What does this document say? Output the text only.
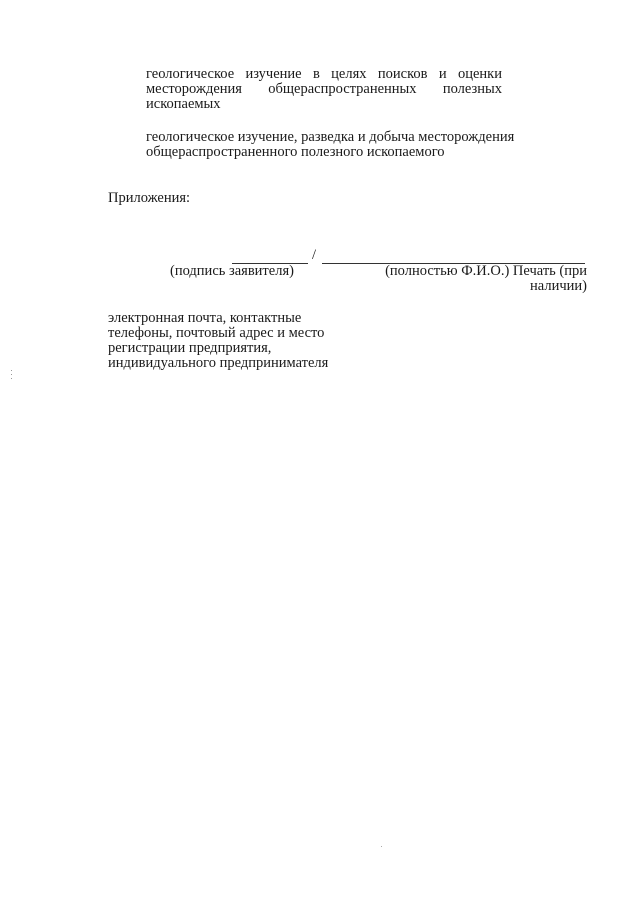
геологическое изучение в целях поисков и оценки
месторождения общераспространенных полезных
ископаемых
геологическое изучение, разведка и добыча месторождения
общераспространенного полезного ископаемого
Приложения:
/
(подпись заявителя)	(полностью Ф.И.О.) Печать (при
наличии)
электронная почта, контактные
телефоны, почтовый адрес и место
регистрации предприятия,
индивидуального предпринимателя
